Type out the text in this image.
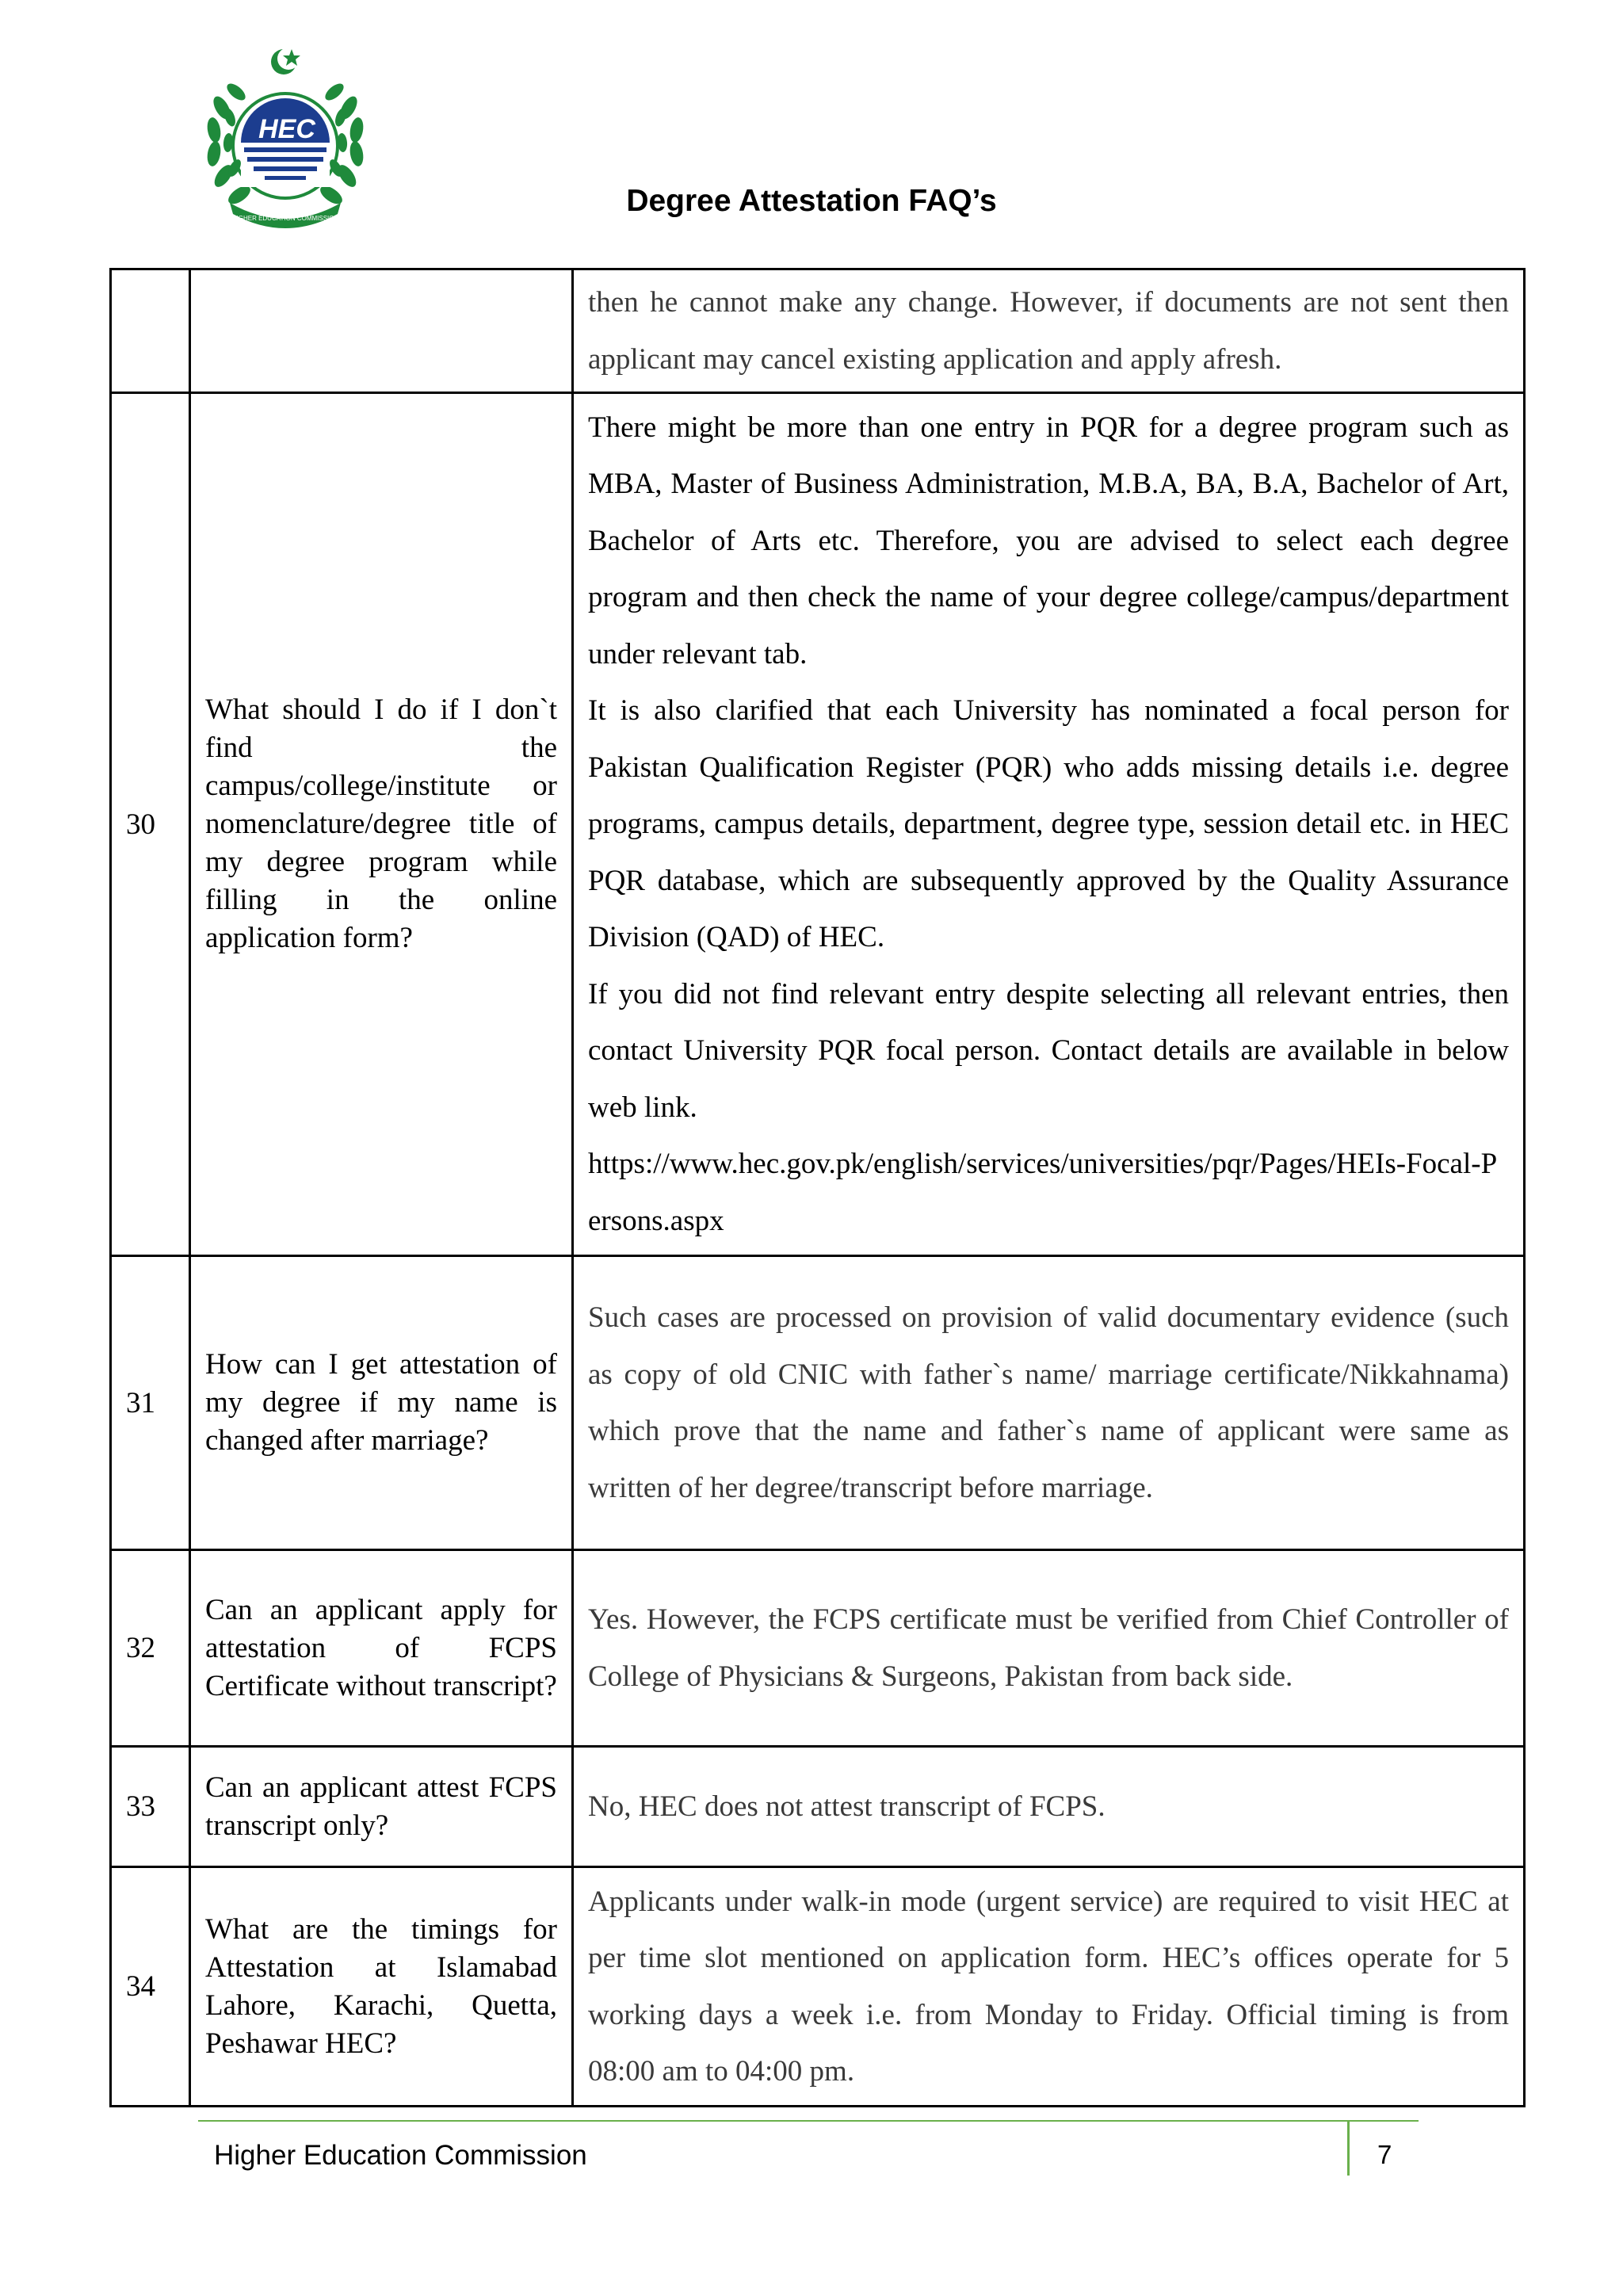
HEC
HIGHER EDUCATION COMMISSION
Degree Attestation FAQ’s

		then he cannot make any change. However, if documents are not sent then applicant may cancel existing application and apply afresh.

30	What should I do if I don`t find the campus/college/institute or nomenclature/degree title of my degree program while filling in the online application form?	There might be more than one entry in PQR for a degree program such as MBA, Master of Business Administration, M.B.A, BA, B.A, Bachelor of Art, Bachelor of Arts etc. Therefore, you are advised to select each degree program and then check the name of your degree college/campus/department under relevant tab.

It is also clarified that each University has nominated a focal person for Pakistan Qualification Register (PQR) who adds missing details i.e. degree programs, campus details, department, degree type, session detail etc. in HEC PQR database, which are subsequently approved by the Quality Assurance Division (QAD) of HEC.

If you did not find relevant entry despite selecting all relevant entries, then contact University PQR focal person. Contact details are available in below web link.

https://www.hec.gov.pk/english/services/universities/pqr/Pages/HEIs-Focal-Persons.aspx

31	How can I get attestation of my degree if my name is changed after marriage?	Such cases are processed on provision of valid documentary evidence (such as copy of old CNIC with father`s name/ marriage certificate/Nikkahnama) which prove that the name and father`s name of applicant were same as written of her degree/transcript before marriage.

32	Can an applicant apply for attestation of FCPS Certificate without transcript?	Yes. However, the FCPS certificate must be verified from Chief Controller of College of Physicians & Surgeons, Pakistan from back side.

33	Can an applicant attest FCPS transcript only?	No, HEC does not attest transcript of FCPS.

34	What are the timings for Attestation at Islamabad Lahore, Karachi, Quetta, Peshawar HEC?	Applicants under walk-in mode (urgent service) are required to visit HEC at per time slot mentioned on application form. HEC’s offices operate for 5 working days a week i.e. from Monday to Friday. Official timing is from 08:00 am to 04:00 pm.

Higher Education Commission	7
